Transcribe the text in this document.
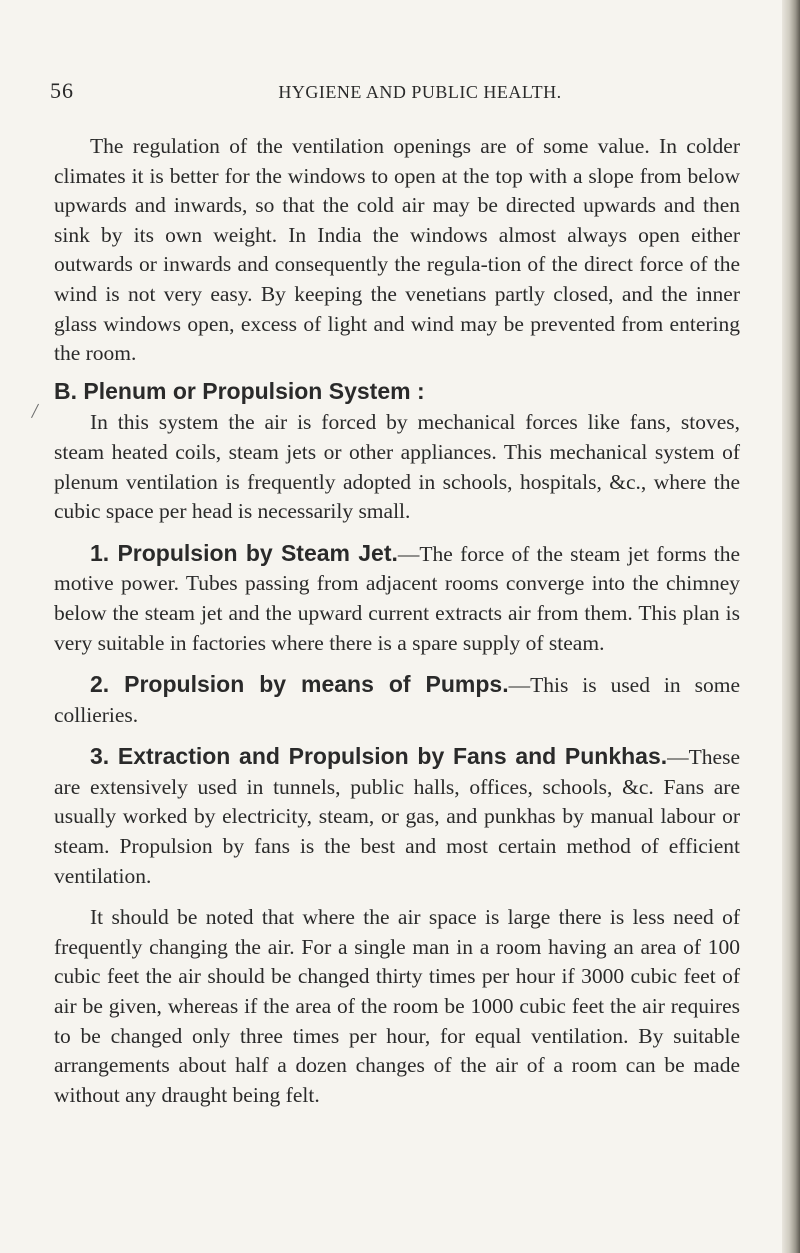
56	HYGIENE AND PUBLIC HEALTH.
/

The regulation of the ventilation openings are of some value. In colder climates it is better for the windows to open at the top with a slope from below upwards and inwards, so that the cold air may be directed upwards and then sink by its own weight. In India the windows almost always open either outwards or inwards and consequently the regula-tion of the direct force of the wind is not very easy. By keeping the venetians partly closed, and the inner glass windows open, excess of light and wind may be prevented from entering the room.

B. Plenum or Propulsion System :

In this system the air is forced by mechanical forces like fans, stoves, steam heated coils, steam jets or other appliances. This mechanical system of plenum ventilation is frequently adopted in schools, hospitals, &c., where the cubic space per head is necessarily small.

1. Propulsion by Steam Jet.—The force of the steam jet forms the motive power. Tubes passing from adjacent rooms converge into the chimney below the steam jet and the upward current extracts air from them. This plan is very suitable in factories where there is a spare supply of steam.

2. Propulsion by means of Pumps.—This is used in some collieries.

3. Extraction and Propulsion by Fans and Punkhas.—These are extensively used in tunnels, public halls, offices, schools, &c. Fans are usually worked by electricity, steam, or gas, and punkhas by manual labour or steam. Propulsion by fans is the best and most certain method of efficient ventilation.

It should be noted that where the air space is large there is less need of frequently changing the air. For a single man in a room having an area of 100 cubic feet the air should be changed thirty times per hour if 3000 cubic feet of air be given, whereas if the area of the room be 1000 cubic feet the air requires to be changed only three times per hour, for equal ventilation. By suitable arrangements about half a dozen changes of the air of a room can be made without any draught being felt.
